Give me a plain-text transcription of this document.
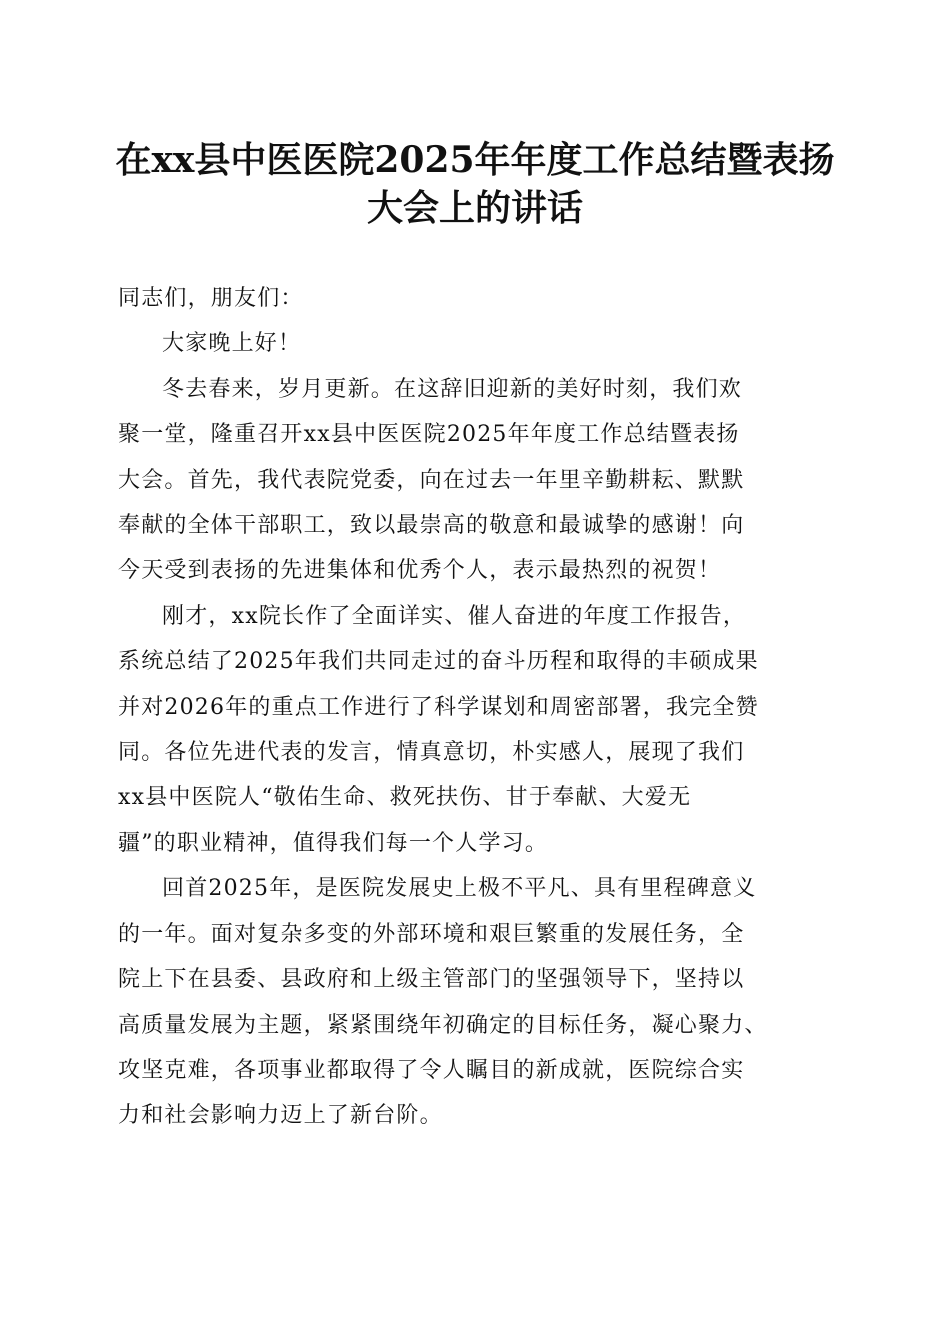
在xx县中医医院2025年年度工作总结暨表扬
大会上的讲话

同志们，朋友们：

大家晚上好！

冬去春来，岁月更新。在这辞旧迎新的美好时刻，我们欢
聚一堂，隆重召开xx县中医医院2025年年度工作总结暨表扬
大会。首先，我代表院党委，向在过去一年里辛勤耕耘、默默
奉献的全体干部职工，致以最崇高的敬意和最诚挚的感谢！向
今天受到表扬的先进集体和优秀个人，表示最热烈的祝贺！

刚才，xx院长作了全面详实、催人奋进的年度工作报告，
系统总结了2025年我们共同走过的奋斗历程和取得的丰硕成果
并对2026年的重点工作进行了科学谋划和周密部署，我完全赞
同。各位先进代表的发言，情真意切，朴实感人，展现了我们
xx县中医院人“敬佑生命、救死扶伤、甘于奉献、大爱无
疆”的职业精神，值得我们每一个人学习。

回首2025年，是医院发展史上极不平凡、具有里程碑意义
的一年。面对复杂多变的外部环境和艰巨繁重的发展任务，全
院上下在县委、县政府和上级主管部门的坚强领导下，坚持以
高质量发展为主题，紧紧围绕年初确定的目标任务，凝心聚力、
攻坚克难，各项事业都取得了令人瞩目的新成就，医院综合实
力和社会影响力迈上了新台阶。
